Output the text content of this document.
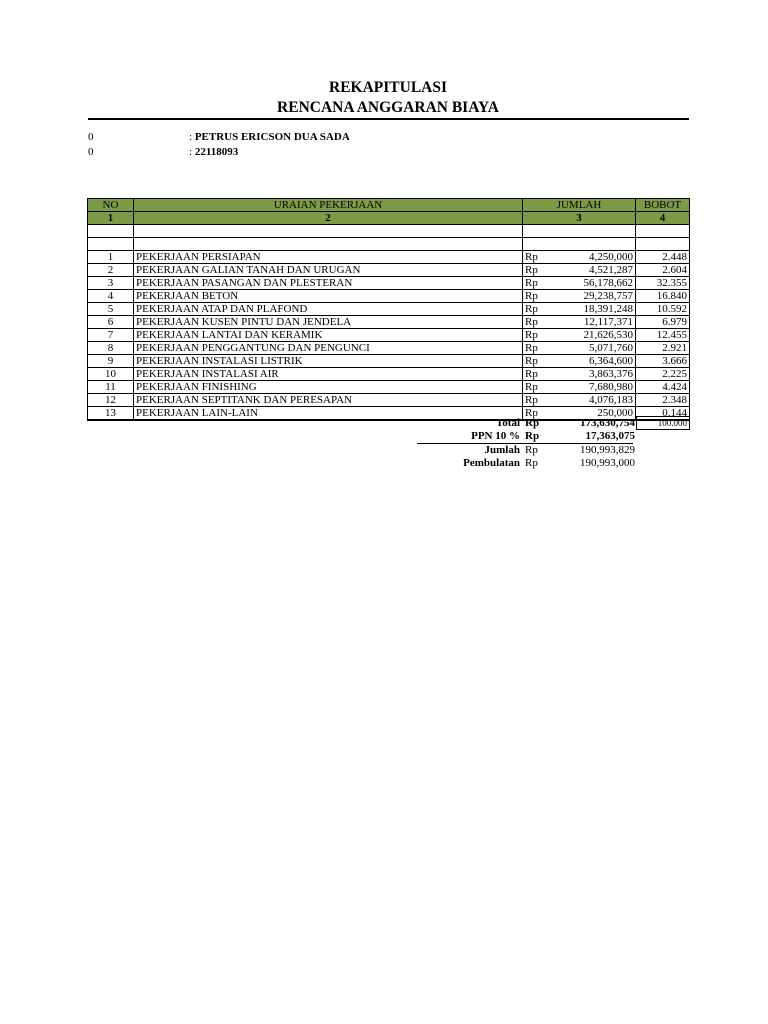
REKAPITULASI
RENCANA ANGGARAN BIAYA
0	: PETRUS ERICSON DUA SADA
0	: 22118093
NO	URAIAN PEKERJAAN	JUMLAH		BOBOT
1	2	3		4

1	PEKERJAAN PERSIAPAN	Rp	4,250,000	2.448
2	PEKERJAAN GALIAN TANAH DAN URUGAN	Rp	4,521,287	2.604
3	PEKERJAAN PASANGAN DAN PLESTERAN	Rp	56,178,662	32.355
4	PEKERJAAN BETON	Rp	29,238,757	16.840
5	PEKERJAAN ATAP DAN PLAFOND	Rp	18,391,248	10.592
6	PEKERJAAN KUSEN PINTU DAN JENDELA	Rp	12,117,371	6.979
7	PEKERJAAN LANTAI DAN KERAMIK	Rp	21,626,530	12.455
8	PEKERJAAN PENGGANTUNG DAN PENGUNCI	Rp	5,071,760	2.921
9	PEKERJAAN INSTALASI LISTRIK	Rp	6,364,600	3.666
10	PEKERJAAN INSTALASI AIR	Rp	3,863,376	2.225
11	PEKERJAAN FINISHING	Rp	7,680,980	4.424
12	PEKERJAAN SEPTITANK DAN PERESAPAN	Rp	4,076,183	2.348
13	PEKERJAAN LAIN-LAIN	Rp	250,000	0.144
Total Rp	173,630,754	100.000
PPN 10 % Rp	17,363,075
Jumlah Rp	190,993,829
Pembulatan Rp	190,993,000
